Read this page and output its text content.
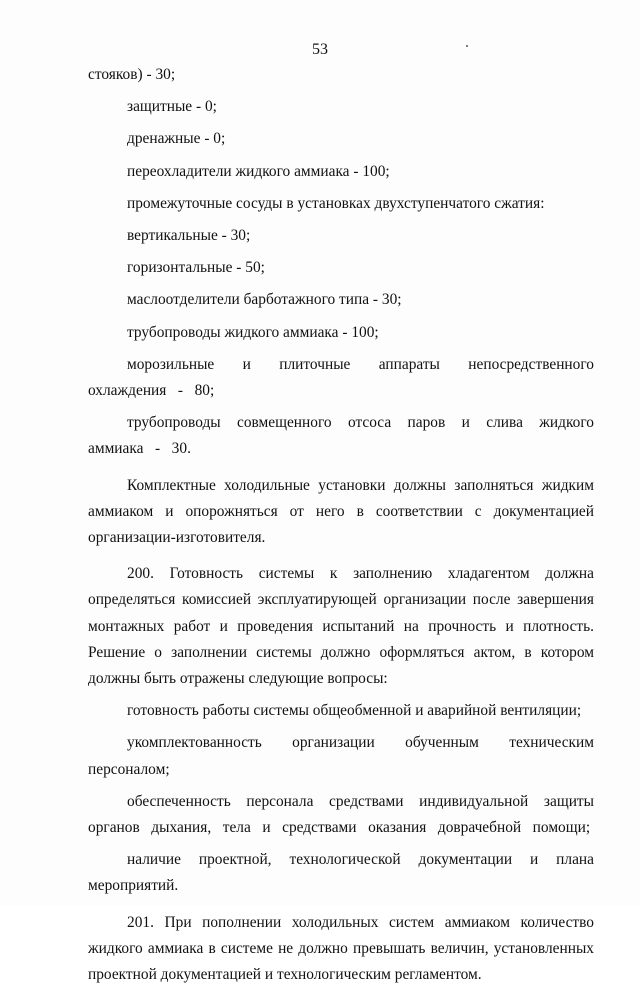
53

стояков) - 30;

защитные - 0;

дренажные - 0;

переохладители жидкого аммиака - 100;

промежуточные сосуды в установках двухступенчатого сжатия:

вертикальные - 30;

горизонтальные - 50;

маслоотделители барботажного типа - 30;

трубопроводы жидкого аммиака - 100;

морозильные и плиточные аппараты непосредственного охлаждения - 80;

трубопроводы совмещенного отсоса паров и слива жидкого аммиака - 30.

Комплектные холодильные установки должны заполняться жидким аммиаком и опорожняться от него в соответствии с документацией организации-изготовителя.

200. Готовность системы к заполнению хладагентом должна определяться комиссией эксплуатирующей организации после завершения монтажных работ и проведения испытаний на прочность и плотность. Решение о заполнении системы должно оформляться актом, в котором должны быть отражены следующие вопросы:

готовность работы системы общеобменной и аварийной вентиляции;

укомплектованность организации обученным техническим персоналом;

обеспеченность персонала средствами индивидуальной защиты органов дыхания, тела и средствами оказания доврачебной помощи;

наличие проектной, технологической документации и плана мероприятий.

201. При пополнении холодильных систем аммиаком количество жидкого аммиака в системе не должно превышать величин, установленных проектной документацией и технологическим регламентом.
